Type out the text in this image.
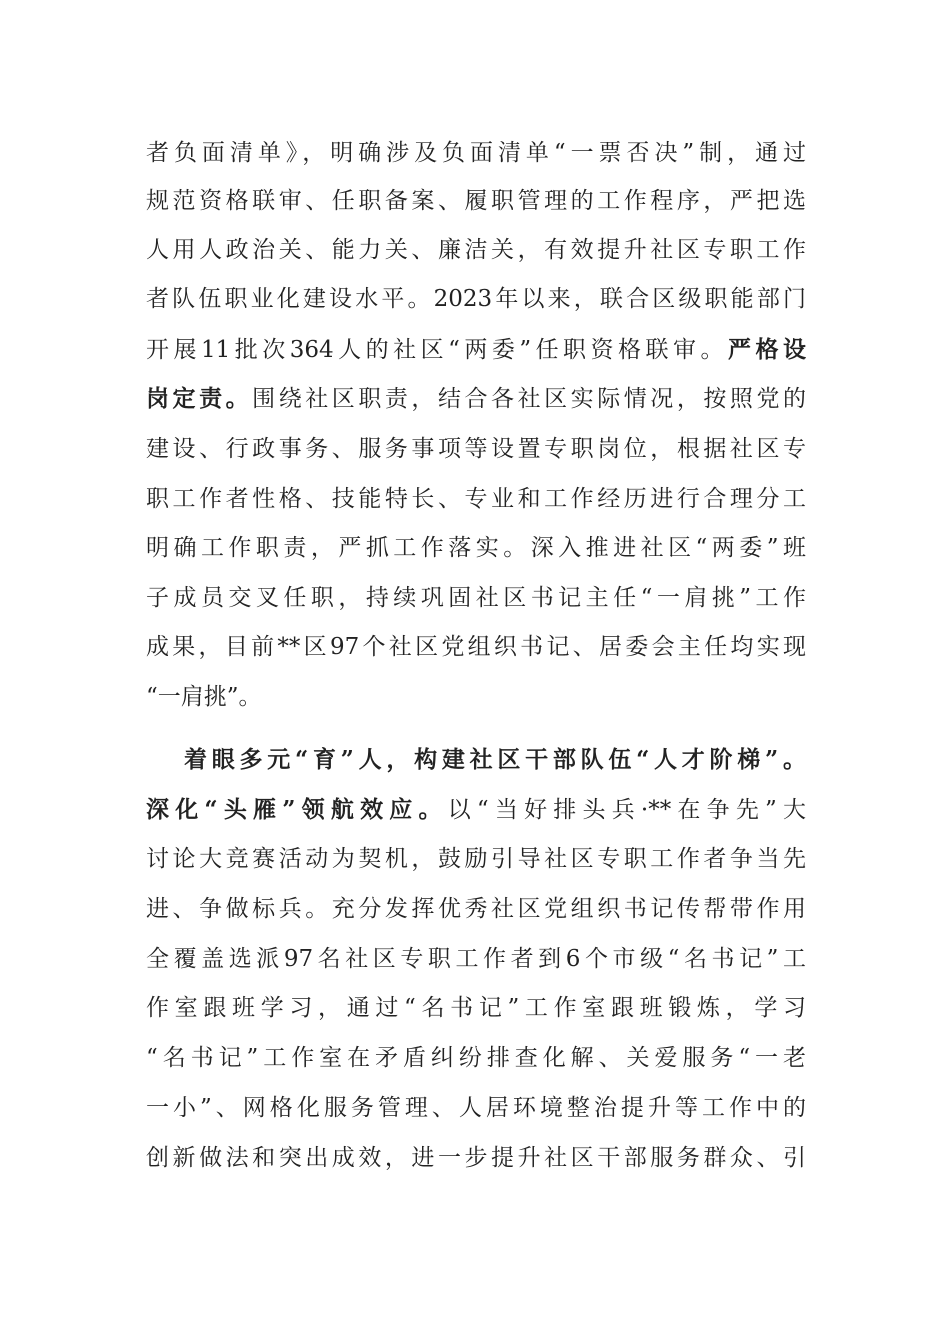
者负面清单》，明确涉及负面清单“一票否决”制，通过
规范资格联审、任职备案、履职管理的工作程序，严把选
人用人政治关、能力关、廉洁关，有效提升社区专职工作
者队伍职业化建设水平。2023年以来，联合区级职能部门
开展11批次364人的社区“两委”任职资格联审。严格设
岗定责。围绕社区职责，结合各社区实际情况，按照党的
建设、行政事务、服务事项等设置专职岗位，根据社区专
职工作者性格、技能特长、专业和工作经历进行合理分工
明确工作职责，严抓工作落实。深入推进社区“两委”班
子成员交叉任职，持续巩固社区书记主任“一肩挑”工作
成果，目前**区97个社区党组织书记、居委会主任均实现
“一肩挑”。
着眼多元“育”人，构建社区干部队伍“人才阶梯”。
深化“头雁”领航效应。以“当好排头兵·**在争先”大
讨论大竞赛活动为契机，鼓励引导社区专职工作者争当先
进、争做标兵。充分发挥优秀社区党组织书记传帮带作用
全覆盖选派97名社区专职工作者到6个市级“名书记”工
作室跟班学习，通过“名书记”工作室跟班锻炼，学习
“名书记”工作室在矛盾纠纷排查化解、关爱服务“一老
一小”、网格化服务管理、人居环境整治提升等工作中的
创新做法和突出成效，进一步提升社区干部服务群众、引
